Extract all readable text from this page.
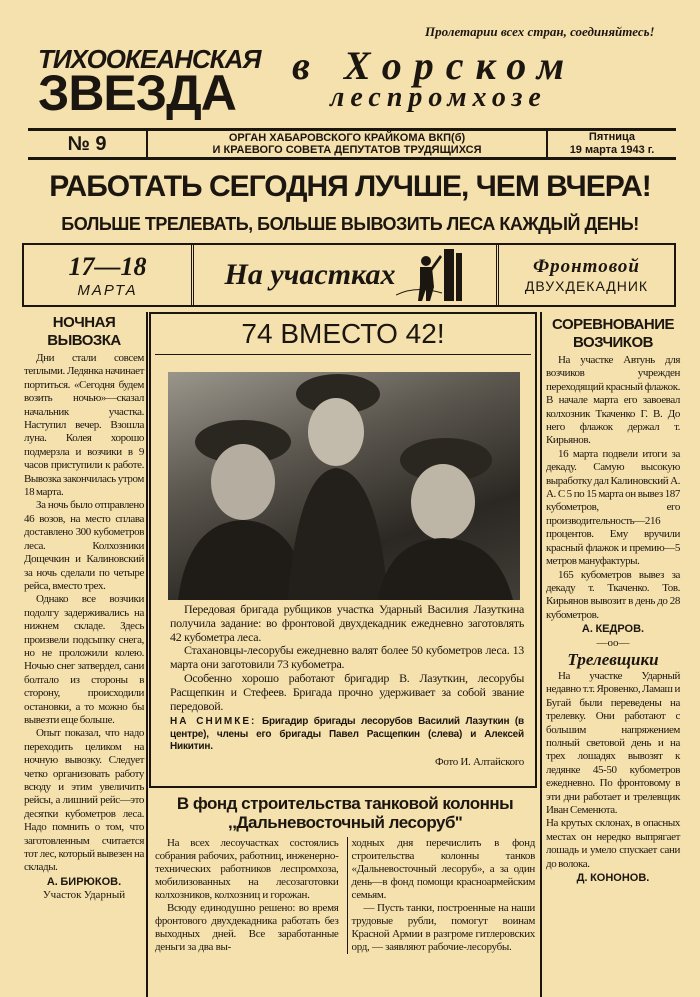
Пролетарии всех стран, соединяйтесь!
ТИХООКЕАНСКАЯ
ЗВЕЗДА в Хорском
леспромхозе
№ 9	ОРГАН ХАБАРОВСКОГО КРАЙКОМА ВКП(б)
И КРАЕВОГО СОВЕТА ДЕПУТАТОВ ТРУДЯЩИХСЯ
Пятница
19 марта 1943 г.
РАБОТАТЬ СЕГОДНЯ ЛУЧШЕ, ЧЕМ ВЧЕРА!
БОЛЬШЕ ТРЕЛЕВАТЬ, БОЛЬШЕ ВЫВОЗИТЬ ЛЕСА КАЖДЫЙ ДЕНЬ!
17—18
МАРТА	На участках	Фронтовой
ДВУХДЕКАДНИК
НОЧНАЯ
ВЫВОЗКА

Дни стали совсем теплыми. Ледянка начинает портиться. «Сегодня будем возить ночью»—сказал начальник участка. Наступил вечер. Взошла луна. Колея хорошо подмерзла и возчики в 9 часов приступили к работе. Вывозка закончилась утром 18 марта.

За ночь было отправлено 46 возов, на место сплава доставлено 300 кубометров леса. Колхозники Дощечкин и Калиновский за ночь сделали по четыре рейса, вместо трех.

Однако все возчики подолгу задерживались на нижнем складе. Здесь произвели подсыпку снега, но не проложили колею. Ночью снег затвердел, сани болтало из стороны в сторону, происходили остановки, а то можно бы вывезти еще больше.

Опыт показал, что надо переходить целиком на ночную вывозку. Следует четко организовать работу всюду и этим увеличить рейсы, а лишний рейс—это десятки кубометров леса. Надо помнить о том, что заготовленным считается тот лес, который вывезен на склады.

А. БИРЮКОВ.
Участок Ударный
74 ВМЕСТО 42!

Передовая бригада рубщиков участка Ударный Василия Лазуткина получила задание: во фронтовой двухдекадник ежедневно заготовлять 42 кубометра леса.

Стахановцы-лесорубы ежедневно валят более 50 кубометров леса. 13 марта они заготовили 73 кубометра.

Особенно хорошо работают бригадир В. Лазуткин, лесорубы Расщепкин и Стефеев. Бригада прочно удерживает за собой звание передовой.

НА СНИМКЕ: Бригадир бригады лесорубов Василий Лазуткин (в центре), члены его бригады Павел Расщепкин (слева) и Алексей Никитин.

Фото И. Алтайского
В фонд строительства танковой колонны
,,Дальневосточный лесоруб''

На всех лесоучастках состоялись собрания рабочих, работниц, инженерно-технических работников леспромхоза, мобилизованных на лесозаготовки колхозников, колхозниц и горожан.

Всюду единодушно решено: во время фронтового двухдекадника работать без выходных дней. Все заработанные деньги за два вы-

ходных дня перечислить в фонд строительства колонны танков «Дальневосточный лесоруб», а за один день—в фонд помощи красноармейским семьям.

— Пусть танки, построенные на наши трудовые рубли, помогут воинам Красной Армии в разгроме гитлеровских орд, — заявляют рабочие-лесорубы.

СОРЕВНОВАНИЕ
ВОЗЧИКОВ

На участке Автунь для возчиков учрежден переходящий красный флажок. В начале марта его завоевал колхозник Ткаченко Г. В. До него флажок держал т. Кирьянов.

16 марта подвели итоги за декаду. Самую высокую выработку дал Калиновский А. А. С 5 по 15 марта он вывез 187 кубометров, его производительность—216 процентов. Ему вручили красный флажок и премию—5 метров мануфактуры.

165 кубометров вывез за декаду т. Ткаченко. Тов. Кирьянов вывозит в день до 28 кубометров.

А. КЕДРОВ.
—oo—
Трелевщики

На участке Ударный недавно т.т. Яровенко, Ламаш и Бугай были переведены на трелевку. Они работают с большим напряжением полный световой день и на трех лошадях вывозят к ледянке 45-50 кубометров ежедневно. По фронтовому в эти дни работает и трелевщик Иван Семенюта.

На крутых склонах, в опасных местах он нередко выпрягает лошадь и умело спускает сани до волока.

Д. КОНОНОВ.
